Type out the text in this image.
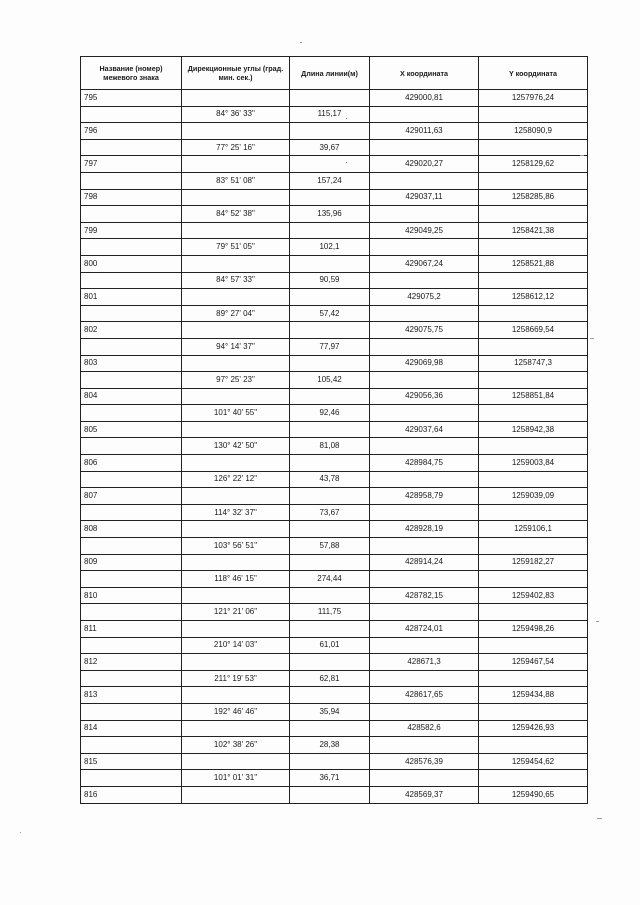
Название (номер) межевого знака	Дирекционные углы (град. мин. сек.)	Длина линии(м)	X координата	Y координата
795			429000,81	1257976,24
	84° 36' 33"	115,17		
796			429011,63	1258090,9
	77° 25' 16"	39,67		
797			429020,27	1258129,62
	83° 51' 08"	157,24		
798			429037,11	1258285,86
	84° 52' 38"	135,96		
799			429049,25	1258421,38
	79° 51' 05"	102,1		
800			429067,24	1258521,88
	84° 57' 33"	90,59		
801			429075,2	1258612,12
	89° 27' 04"	57,42		
802			429075,75	1258669,54
	94° 14' 37"	77,97		
803			429069,98	1258747,3
	97° 25' 23"	105,42		
804			429056,36	1258851,84
	101° 40' 55"	92,46		
805			429037,64	1258942,38
	130° 42' 50"	81,08		
806			428984,75	1259003,84
	126° 22' 12"	43,78		
807			428958,79	1259039,09
	114° 32' 37"	73,67		
808			428928,19	1259106,1
	103° 56' 51"	57,88		
809			428914,24	1259182,27
	118° 46' 15"	274,44		
810			428782,15	1259402,83
	121° 21' 06"	111,75		
811			428724,01	1259498,26
	210° 14' 03"	61,01		
812			428671,3	1259467,54
	211° 19' 53"	62,81		
813			428617,65	1259434,88
	192° 46' 46"	35,94		
814			428582,6	1259426,93
	102° 38' 26"	28,38		
815			428576,39	1259454,62
	101° 01' 31"	36,71		
816			428569,37	1259490,65
